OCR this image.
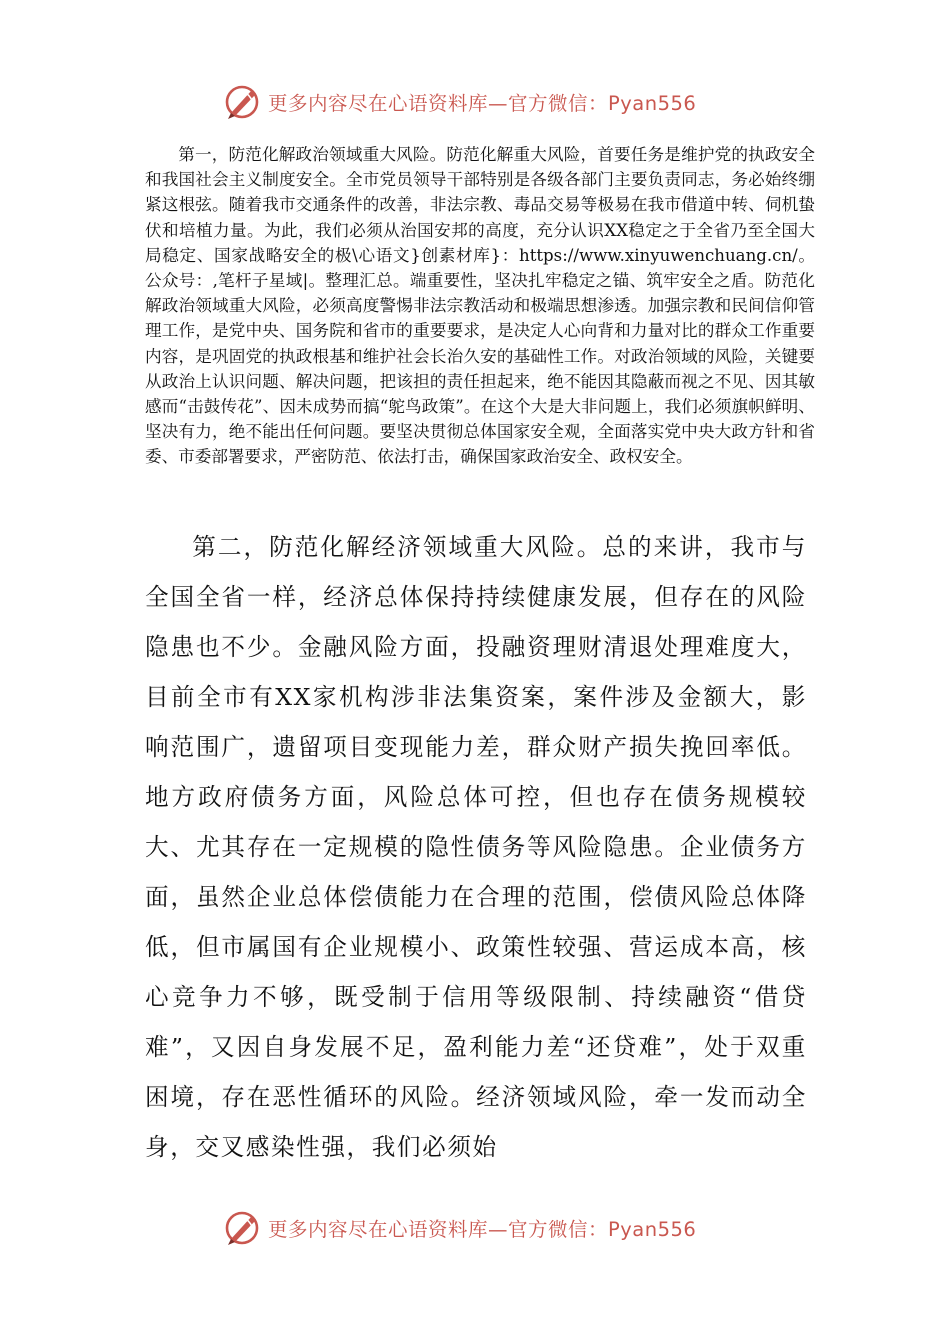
更多内容尽在心语资料库—官方微信：Pyan556

第一，防范化解政治领域重大风险。防范化解重大风险，首要任务是维护党的执政安全和我国社会主义制度安全。全市党员领导干部特别是各级各部门主要负责同志，务必始终绷紧这根弦。随着我市交通条件的改善，非法宗教、毒品交易等极易在我市借道中转、伺机蛰伏和培植力量。为此，我们必须从治国安邦的高度，充分认识XX稳定之于全省乃至全国大局稳定、国家战略安全的极\心语文}创素材库}：https://www.xinyuwenchuang.cn/。公众号：,笔杆子星域|。整理汇总。端重要性，坚决扎牢稳定之锚、筑牢安全之盾。防范化解政治领域重大风险，必须高度警惕非法宗教活动和极端思想渗透。加强宗教和民间信仰管理工作，是党中央、国务院和省市的重要要求，是决定人心向背和力量对比的群众工作重要内容，是巩固党的执政根基和维护社会长治久安的基础性工作。对政治领域的风险，关键要从政治上认识问题、解决问题，把该担的责任担起来，绝不能因其隐蔽而视之不见、因其敏感而“击鼓传花”、因未成势而搞“鸵鸟政策”。在这个大是大非问题上，我们必须旗帜鲜明、坚决有力，绝不能出任何问题。要坚决贯彻总体国家安全观，全面落实党中央大政方针和省委、市委部署要求，严密防范、依法打击，确保国家政治安全、政权安全。

第二，防范化解经济领域重大风险。总的来讲，我市与全国全省一样，经济总体保持持续健康发展，但存在的风险隐患也不少。金融风险方面，投融资理财清退处理难度大，目前全市有XX家机构涉非法集资案，案件涉及金额大，影响范围广，遗留项目变现能力差，群众财产损失挽回率低。地方政府债务方面，风险总体可控，但也存在债务规模较大、尤其存在一定规模的隐性债务等风险隐患。企业债务方面，虽然企业总体偿债能力在合理的范围，偿债风险总体降低，但市属国有企业规模小、政策性较强、营运成本高，核心竞争力不够，既受制于信用等级限制、持续融资“借贷难”，又因自身发展不足，盈利能力差“还贷难”，处于双重困境，存在恶性循环的风险。经济领域风险，牵一发而动全身，交叉感染性强，我们必须始

更多内容尽在心语资料库—官方微信：Pyan556
